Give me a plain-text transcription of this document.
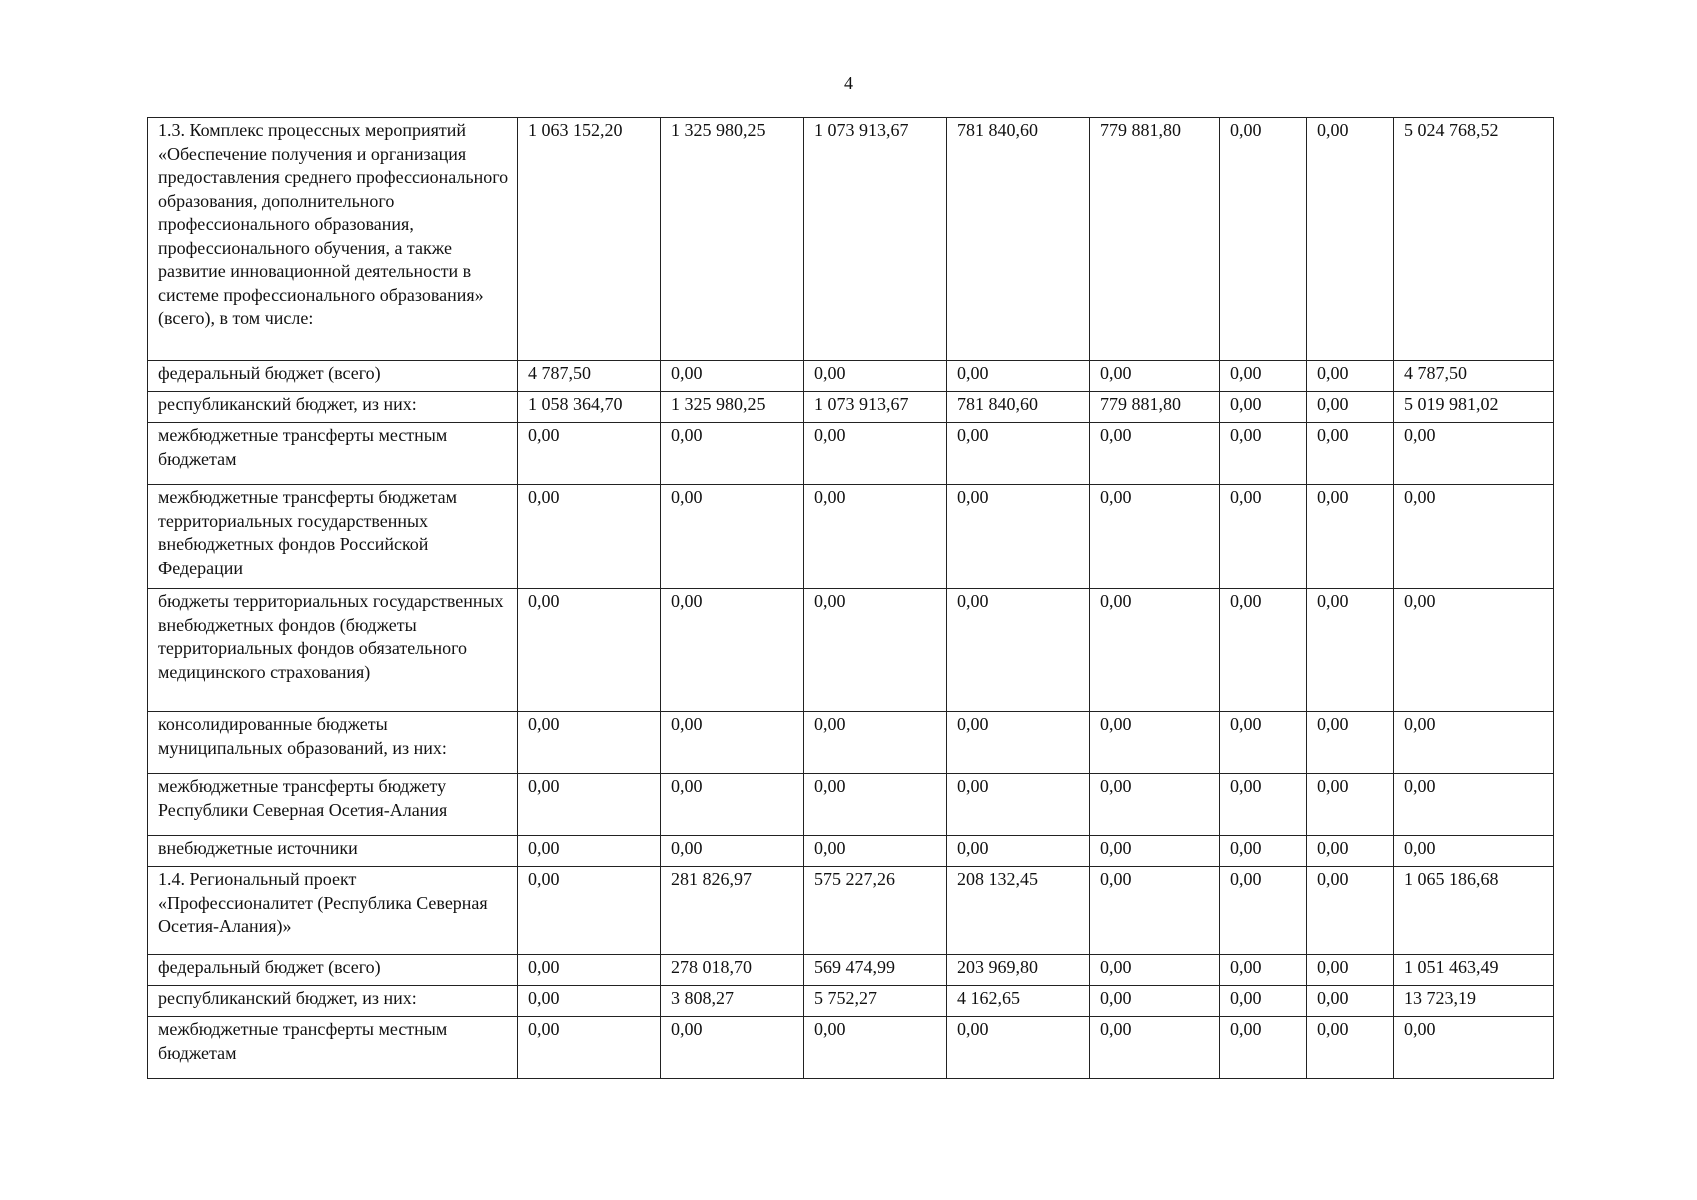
4
1.3. Комплекс процессных мероприятий «Обеспечение получения и организация предоставления среднего профессионального образования, дополнительного профессионального образования, профессионального обучения, а также развитие инновационной деятельности в системе профессионального образования» (всего), в том числе:	1 063 152,20	1 325 980,25	1 073 913,67	781 840,60	779 881,80	0,00	0,00	5 024 768,52
федеральный бюджет (всего)	4 787,50	0,00	0,00	0,00	0,00	0,00	0,00	4 787,50
республиканский бюджет, из них:	1 058 364,70	1 325 980,25	1 073 913,67	781 840,60	779 881,80	0,00	0,00	5 019 981,02
межбюджетные трансферты местным бюджетам	0,00	0,00	0,00	0,00	0,00	0,00	0,00	0,00
межбюджетные трансферты бюджетам территориальных государственных внебюджетных фондов Российской Федерации	0,00	0,00	0,00	0,00	0,00	0,00	0,00	0,00
бюджеты территориальных государственных внебюджетных фондов (бюджеты территориальных фондов обязательного медицинского страхования)	0,00	0,00	0,00	0,00	0,00	0,00	0,00	0,00
консолидированные бюджеты муниципальных образований, из них:	0,00	0,00	0,00	0,00	0,00	0,00	0,00	0,00
межбюджетные трансферты бюджету Республики Северная Осетия-Алания	0,00	0,00	0,00	0,00	0,00	0,00	0,00	0,00
внебюджетные источники	0,00	0,00	0,00	0,00	0,00	0,00	0,00	0,00
1.4. Региональный проект «Профессионалитет (Республика Северная Осетия-Алания)»	0,00	281 826,97	575 227,26	208 132,45	0,00	0,00	0,00	1 065 186,68
федеральный бюджет (всего)	0,00	278 018,70	569 474,99	203 969,80	0,00	0,00	0,00	1 051 463,49
республиканский бюджет, из них:	0,00	3 808,27	5 752,27	4 162,65	0,00	0,00	0,00	13 723,19
межбюджетные трансферты местным бюджетам	0,00	0,00	0,00	0,00	0,00	0,00	0,00	0,00
